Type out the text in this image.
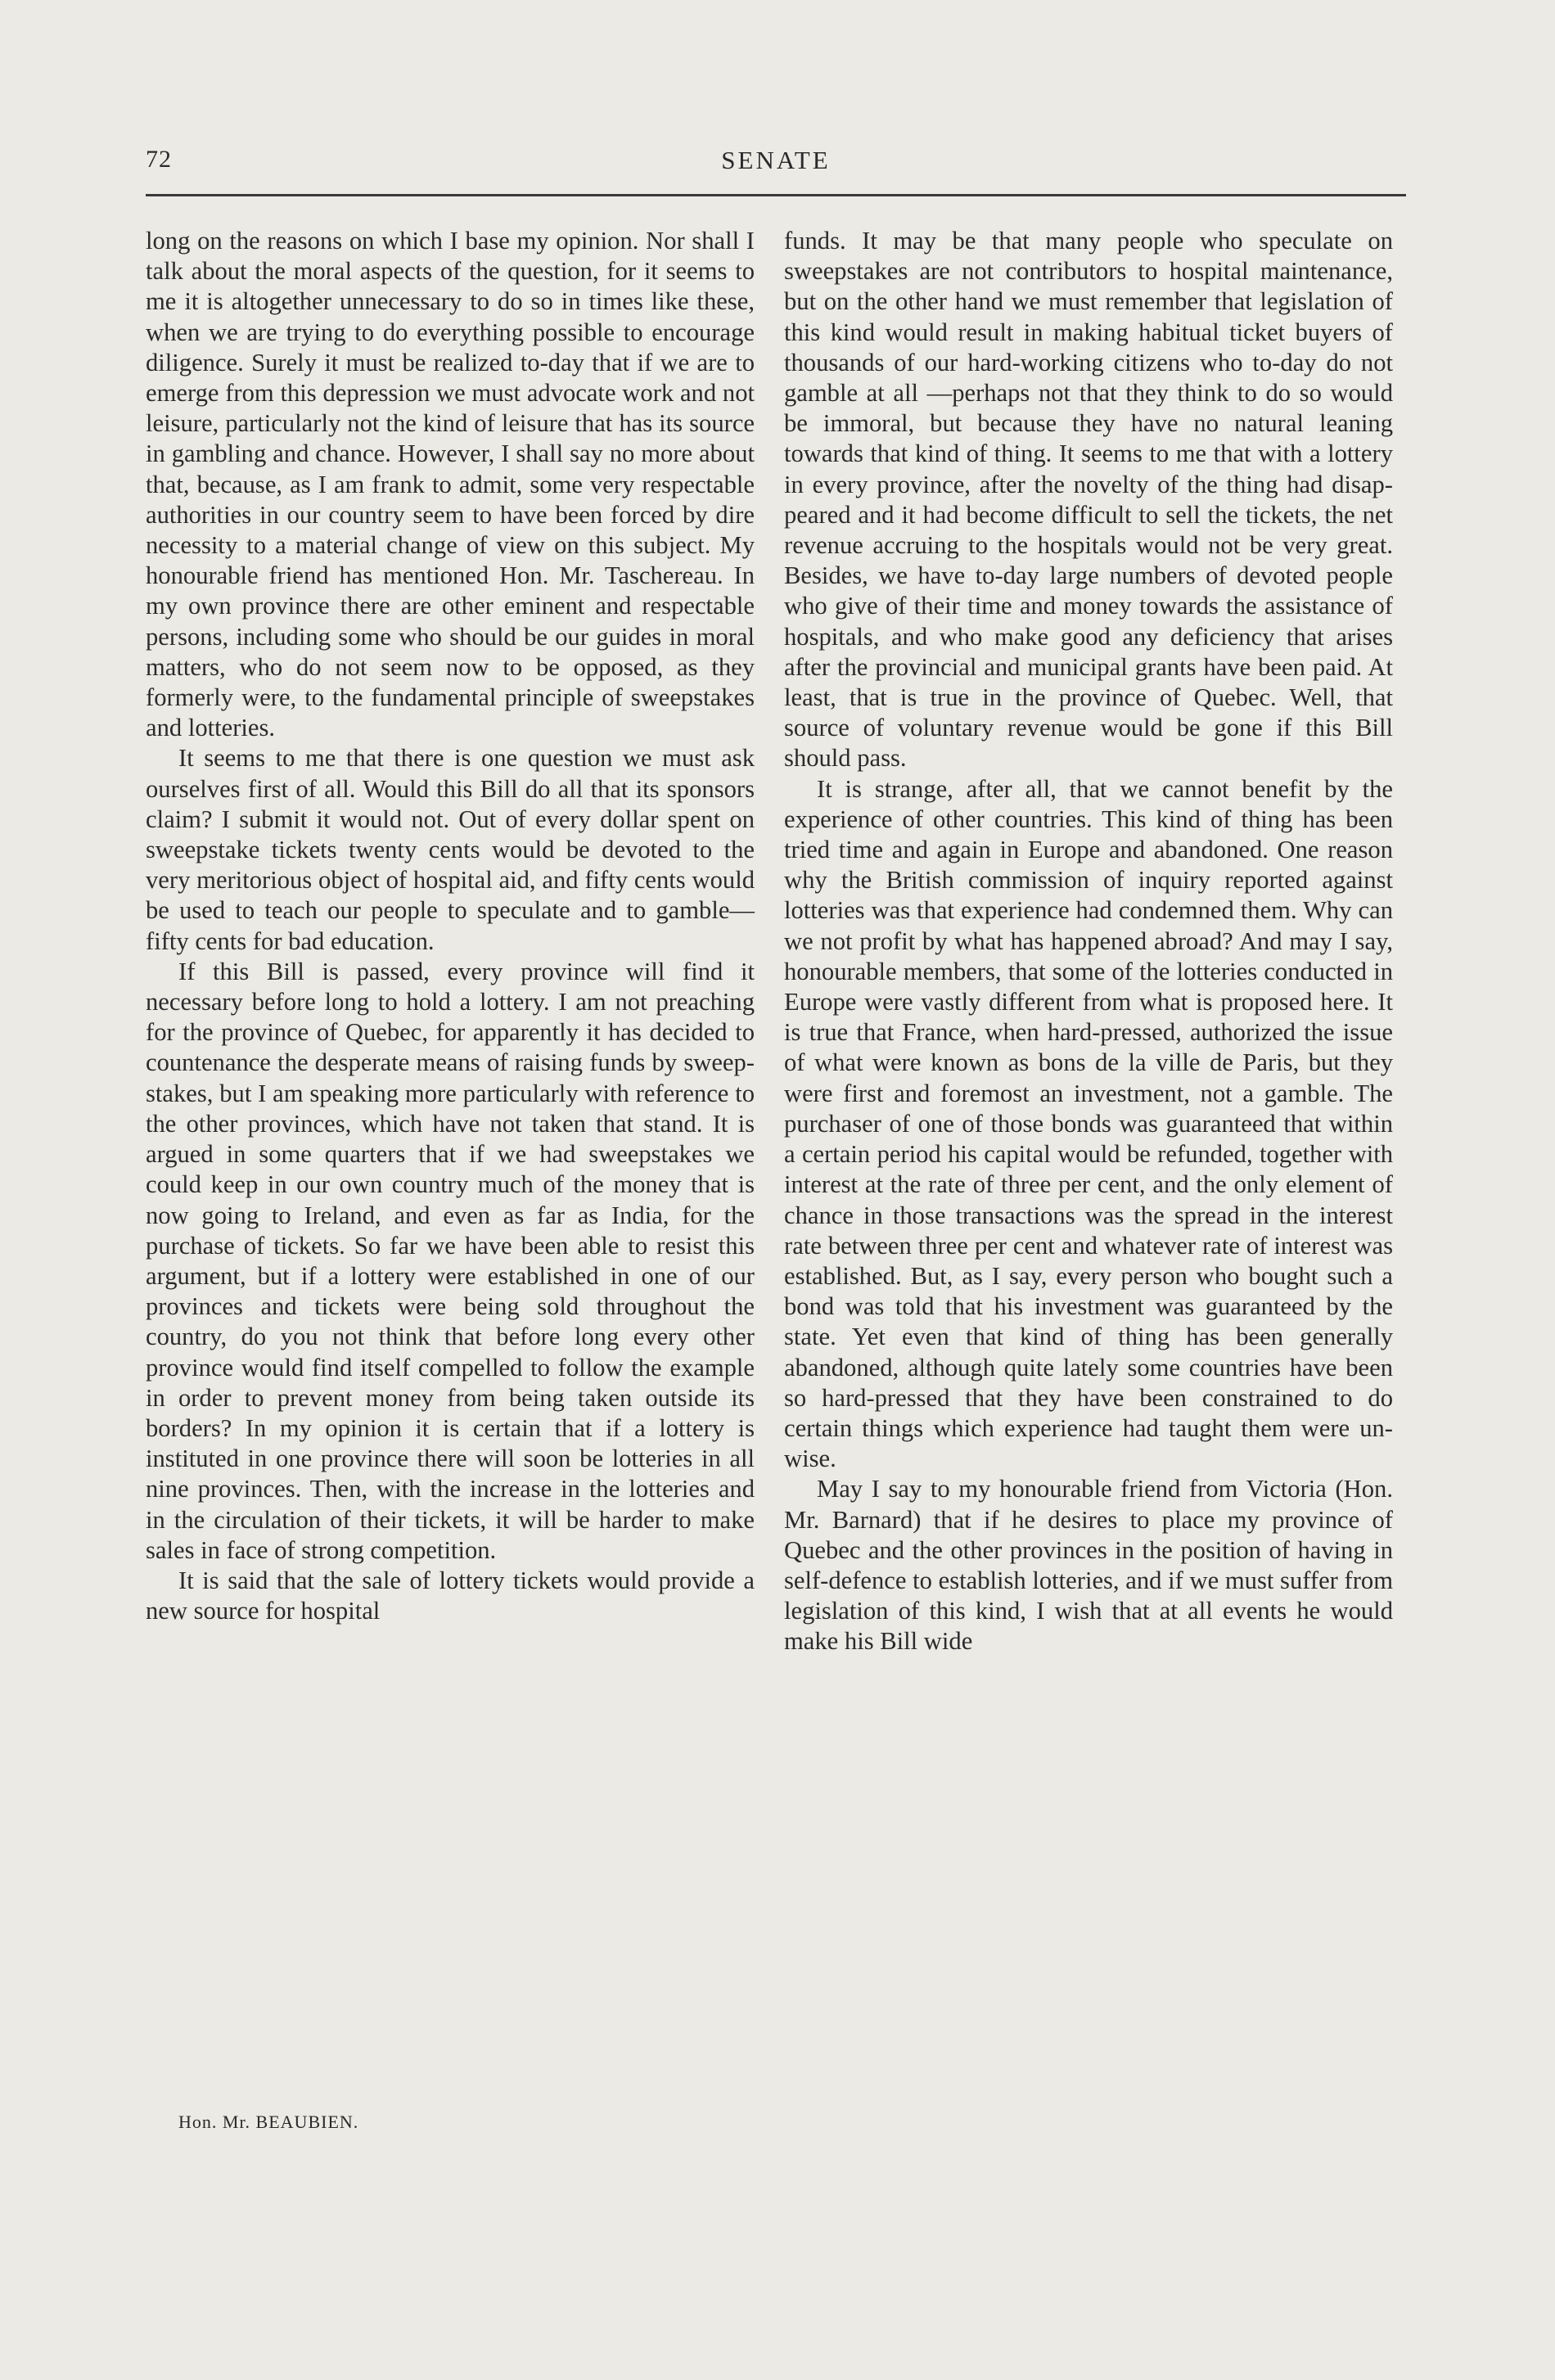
72	SENATE

long on the reasons on which I base my opinion. Nor shall I talk about the moral aspects of the question, for it seems to me it is altogether unnecessary to do so in times like these, when we are trying to do everything possible to encourage diligence. Surely it must be realized to-day that if we are to emerge from this depression we must advocate work and not leisure, particularly not the kind of leisure that has its source in gambling and chance. However, I shall say no more about that, because, as I am frank to admit, some very respectable authorities in our country seem to have been forced by dire necessity to a material change of view on this subject. My honourable friend has mentioned Hon. Mr. Taschereau. In my own province there are other eminent and respectable persons, including some who should be our guides in moral matters, who do not seem now to be opposed, as they formerly were, to the fundamental principle of sweepstakes and lotteries.

It seems to me that there is one question we must ask ourselves first of all. Would this Bill do all that its sponsors claim? I submit it would not. Out of every dollar spent on sweepstake tickets twenty cents would be devoted to the very meritorious object of hospital aid, and fifty cents would be used to teach our people to speculate and to gamble—fifty cents for bad education.

If this Bill is passed, every province will find it necessary before long to hold a lottery. I am not preaching for the province of Quebec, for apparently it has decided to countenance the desperate means of raising funds by sweepstakes, but I am speaking more particularly with reference to the other provinces, which have not taken that stand. It is argued in some quarters that if we had sweepstakes we could keep in our own country much of the money that is now going to Ireland, and even as far as India, for the purchase of tickets. So far we have been able to resist this argument, but if a lottery were established in one of our provinces and tickets were being sold throughout the country, do you not think that before long every other province would find itself compelled to follow the example in order to prevent money from being taken outside its borders? In my opinion it is certain that if a lottery is instituted in one province there will soon be lotteries in all nine provinces. Then, with the increase in the lotteries and in the circulation of their tickets, it will be harder to make sales in face of strong competition.

It is said that the sale of lottery tickets would provide a new source for hospital

Hon. Mr. BEAUBIEN.

funds. It may be that many people who speculate on sweepstakes are not contributors to hospital maintenance, but on the other hand we must remember that legislation of this kind would result in making habitual ticket buyers of thousands of our hard-working citizens who to-day do not gamble at all —perhaps not that they think to do so would be immoral, but because they have no natural leaning towards that kind of thing. It seems to me that with a lottery in every province, after the novelty of the thing had disappeared and it had become difficult to sell the tickets, the net revenue accruing to the hospitals would not be very great. Besides, we have to-day large numbers of devoted people who give of their time and money towards the assistance of hospitals, and who make good any deficiency that arises after the provincial and municipal grants have been paid. At least, that is true in the province of Quebec. Well, that source of voluntary revenue would be gone if this Bill should pass.

It is strange, after all, that we cannot benefit by the experience of other countries. This kind of thing has been tried time and again in Europe and abandoned. One reason why the British commission of inquiry reported against lotteries was that experience had condemned them. Why can we not profit by what has happened abroad? And may I say, honourable members, that some of the lotteries conducted in Europe were vastly different from what is proposed here. It is true that France, when hard-pressed, authorized the issue of what were known as bons de la ville de Paris, but they were first and foremost an investment, not a gamble. The purchaser of one of those bonds was guaranteed that within a certain period his capital would be refunded, together with interest at the rate of three per cent, and the only element of chance in those transactions was the spread in the interest rate between three per cent and whatever rate of interest was established. But, as I say, every person who bought such a bond was told that his investment was guaranteed by the state. Yet even that kind of thing has been generally abandoned, although quite lately some countries have been so hard-pressed that they have been constrained to do certain things which experience had taught them were unwise.

May I say to my honourable friend from Victoria (Hon. Mr. Barnard) that if he desires to place my province of Quebec and the other provinces in the position of having in self-defence to establish lotteries, and if we must suffer from legislation of this kind, I wish that at all events he would make his Bill wide
